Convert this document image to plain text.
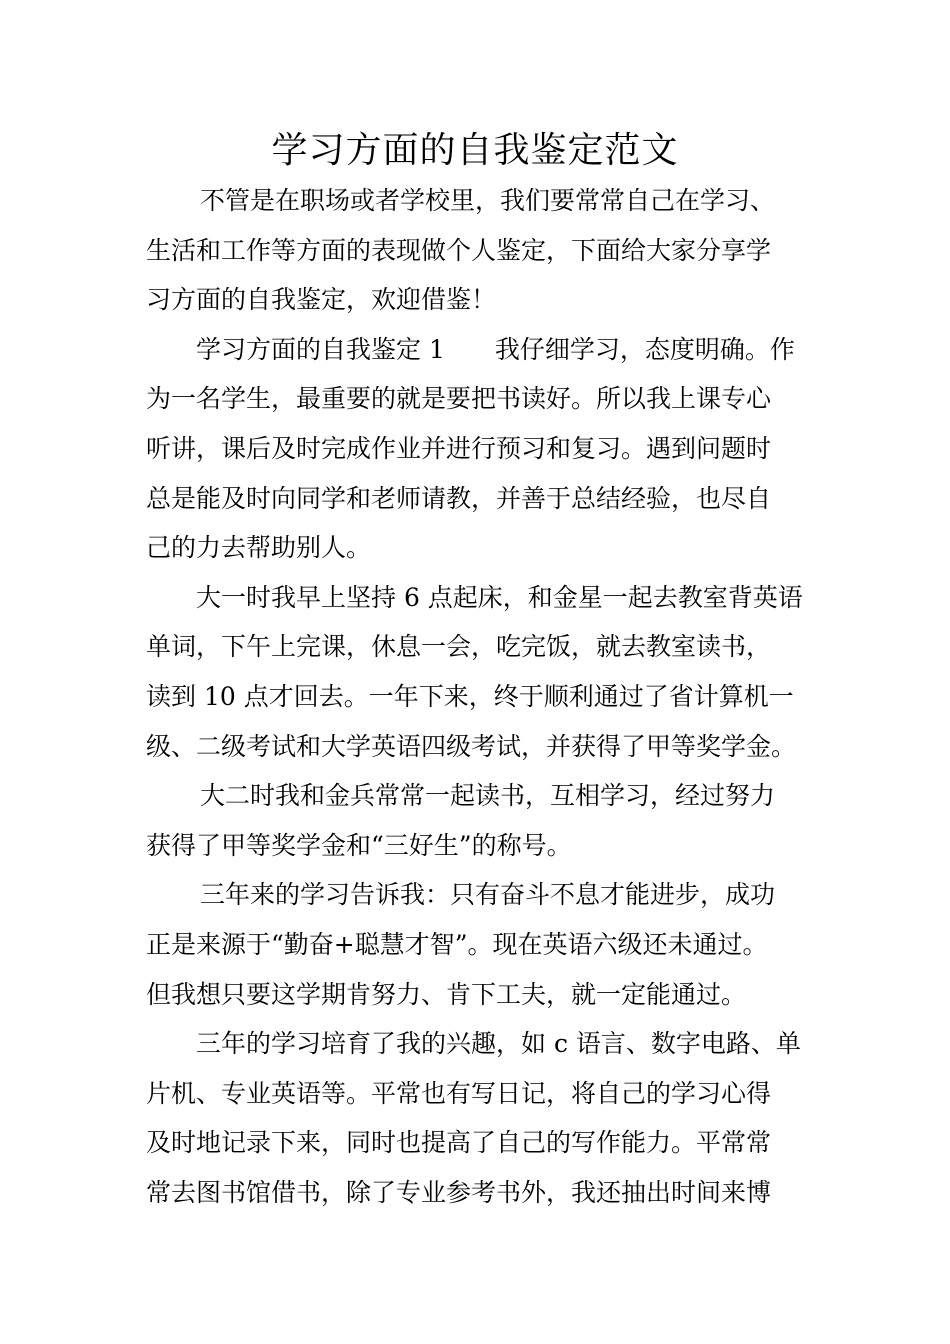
学习方面的自我鉴定范文
不管是在职场或者学校里，我们要常常自己在学习、
生活和工作等方面的表现做个人鉴定，下面给大家分享学
习方面的自我鉴定，欢迎借鉴！
学习方面的自我鉴定 1　　我仔细学习，态度明确。作
为一名学生，最重要的就是要把书读好。所以我上课专心
听讲，课后及时完成作业并进行预习和复习。遇到问题时
总是能及时向同学和老师请教，并善于总结经验，也尽自
己的力去帮助别人。
大一时我早上坚持 6 点起床，和金星一起去教室背英语
单词，下午上完课，休息一会，吃完饭，就去教室读书，
读到 10 点才回去。一年下来，终于顺利通过了省计算机一
级、二级考试和大学英语四级考试，并获得了甲等奖学金。
大二时我和金兵常常一起读书，互相学习，经过努力
获得了甲等奖学金和“三好生”的称号。
三年来的学习告诉我：只有奋斗不息才能进步，成功
正是来源于“勤奋+聪慧才智”。现在英语六级还未通过。
但我想只要这学期肯努力、肯下工夫，就一定能通过。
三年的学习培育了我的兴趣，如 c 语言、数字电路、单
片机、专业英语等。平常也有写日记，将自己的学习心得
及时地记录下来，同时也提高了自己的写作能力。平常常
常去图书馆借书，除了专业参考书外，我还抽出时间来博
